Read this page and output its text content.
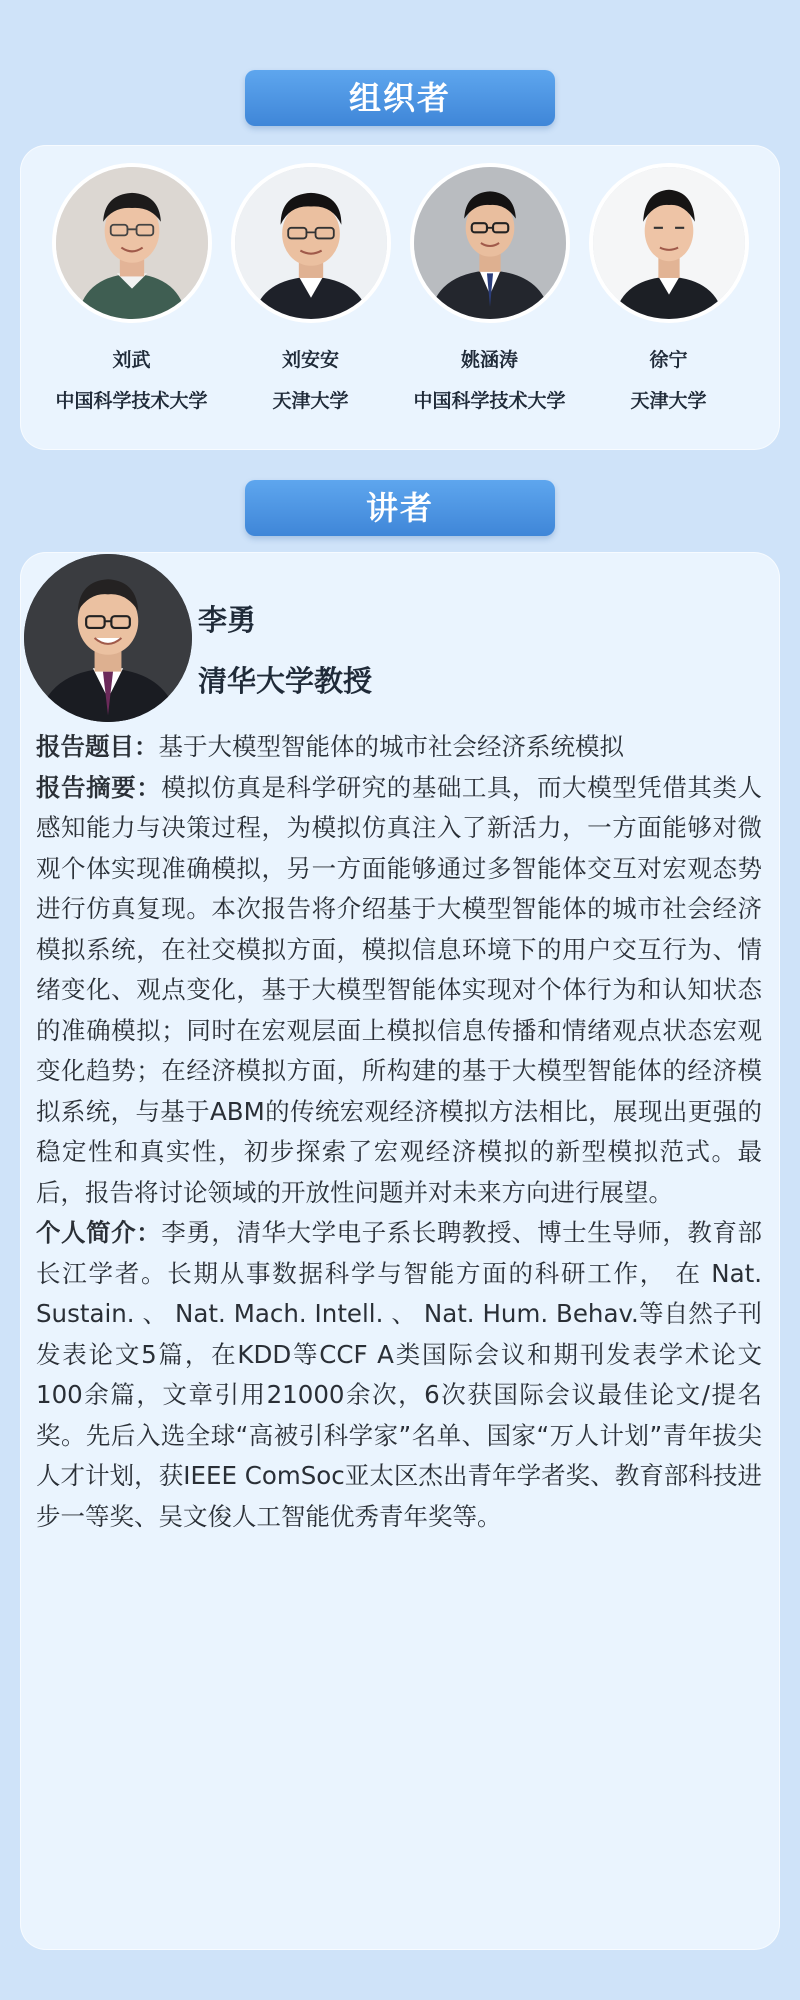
组织者
刘武
中国科学技术大学
刘安安
天津大学
姚涵涛
中国科学技术大学
徐宁
天津大学
讲者
李勇
清华大学教授

报告题目：基于大模型智能体的城市社会经济系统模拟

报告摘要：模拟仿真是科学研究的基础工具，而大模型凭借其类人感知能力与决策过程，为模拟仿真注入了新活力，一方面能够对微观个体实现准确模拟，另一方面能够通过多智能体交互对宏观态势进行仿真复现。本次报告将介绍基于大模型智能体的城市社会经济模拟系统，在社交模拟方面，模拟信息环境下的用户交互行为、情绪变化、观点变化，基于大模型智能体实现对个体行为和认知状态的准确模拟；同时在宏观层面上模拟信息传播和情绪观点状态宏观变化趋势；在经济模拟方面，所构建的基于大模型智能体的经济模拟系统，与基于ABM的传统宏观经济模拟方法相比，展现出更强的稳定性和真实性，初步探索了宏观经济模拟的新型模拟范式。最后，报告将讨论领域的开放性问题并对未来方向进行展望。

个人简介：李勇，清华大学电子系长聘教授、博士生导师，教育部长江学者。长期从事数据科学与智能方面的科研工作， 在 Nat. Sustain. 、 Nat. Mach. Intell. 、 Nat. Hum. Behav.等自然子刊发表论文5篇，在KDD等CCF A类国际会议和期刊发表学术论文100余篇，文章引用21000余次，6次获国际会议最佳论文/提名奖。先后入选全球“高被引科学家”名单、国家“万人计划”青年拔尖人才计划，获IEEE ComSoc亚太区杰出青年学者奖、教育部科技进步一等奖、吴文俊人工智能优秀青年奖等。
